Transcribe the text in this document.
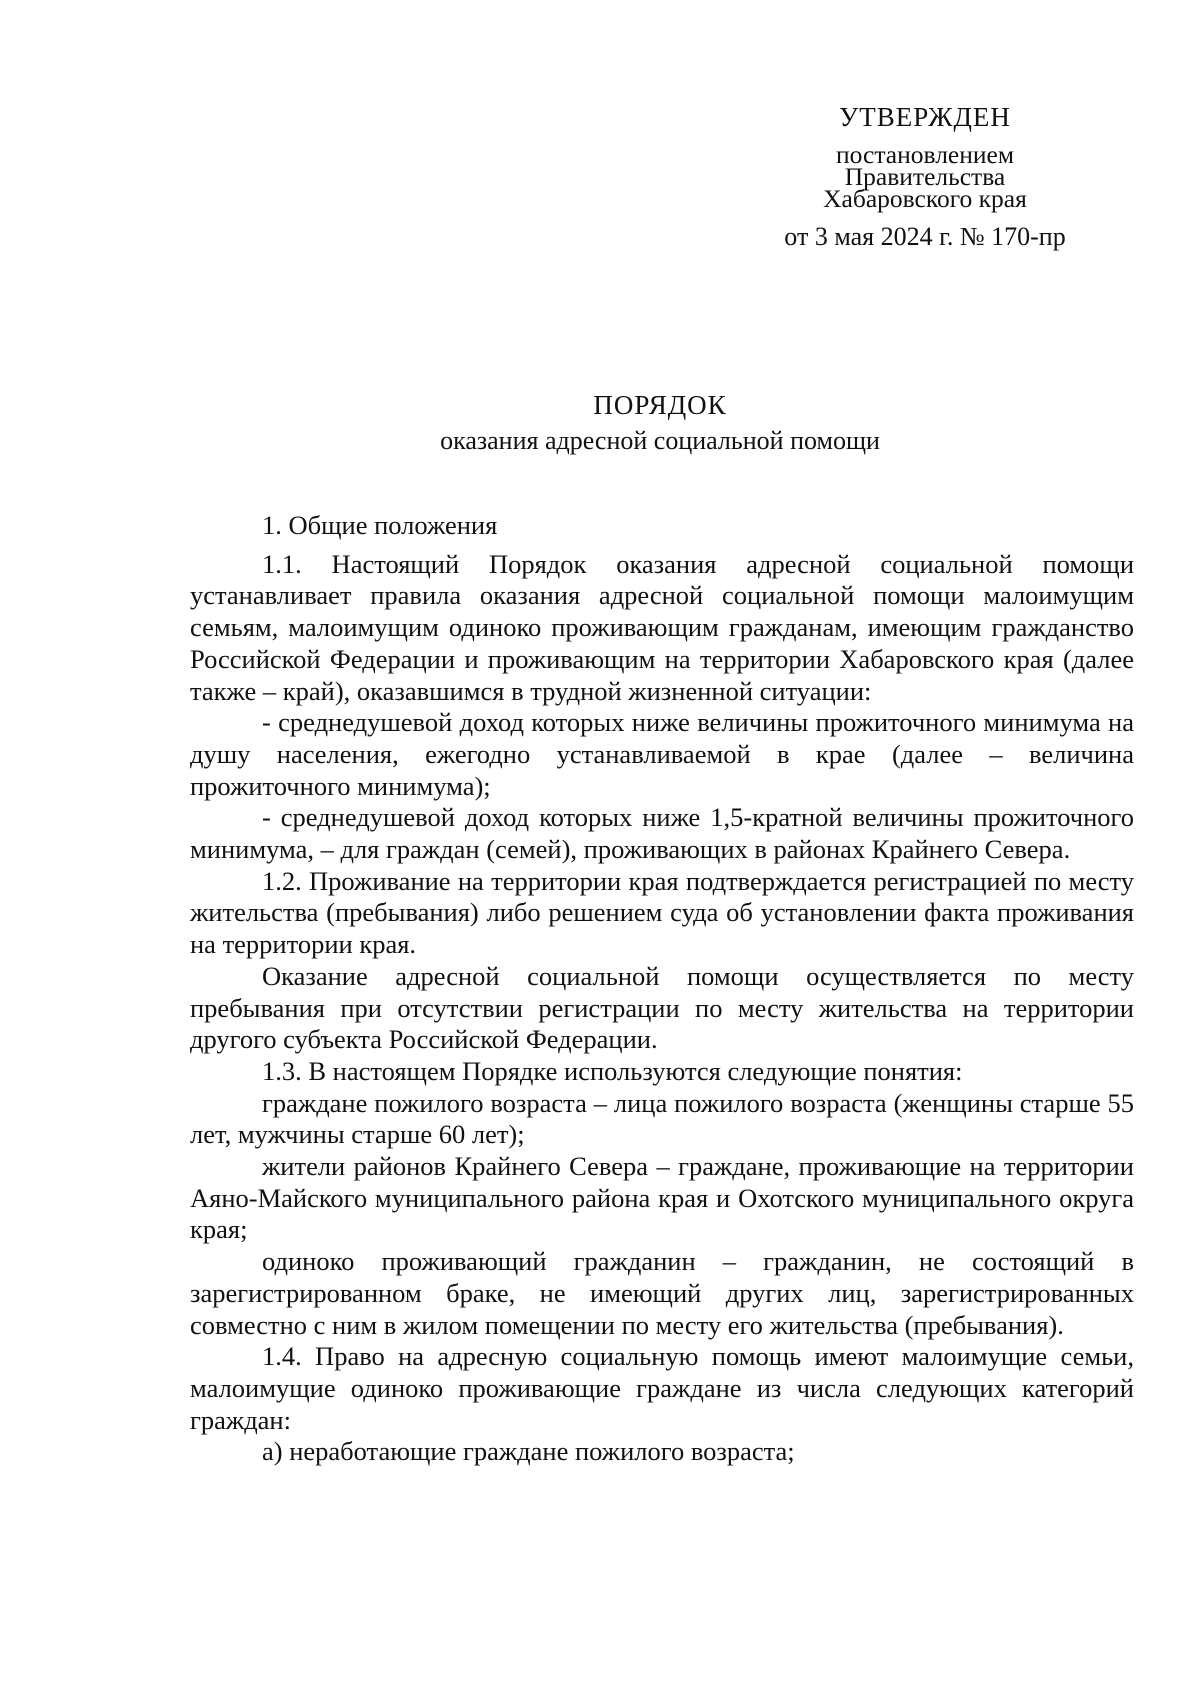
УТВЕРЖДЕН
постановлением
Правительства
Хабаровского края
от 3 мая 2024 г. № 170-пр
ПОРЯДОК
оказания адресной социальной помощи

1. Общие положения

1.1. Настоящий Порядок оказания адресной социальной помощи устанавливает правила оказания адресной социальной помощи малоимущим семьям, малоимущим одиноко проживающим гражданам, имеющим гражданство Российской Федерации и проживающим на территории Хабаровского края (далее также – край), оказавшимся в трудной жизненной ситуации:

- среднедушевой доход которых ниже величины прожиточного минимума на душу населения, ежегодно устанавливаемой в крае (далее – величина прожиточного минимума);

- среднедушевой доход которых ниже 1,5-кратной величины прожиточного минимума, – для граждан (семей), проживающих в районах Крайнего Севера.

1.2. Проживание на территории края подтверждается регистрацией по месту жительства (пребывания) либо решением суда об установлении факта проживания на территории края.

Оказание адресной социальной помощи осуществляется по месту пребывания при отсутствии регистрации по месту жительства на территории другого субъекта Российской Федерации.

1.3. В настоящем Порядке используются следующие понятия:

граждане пожилого возраста – лица пожилого возраста (женщины старше 55 лет, мужчины старше 60 лет);

жители районов Крайнего Севера – граждане, проживающие на территории Аяно-Майского муниципального района края и Охотского муниципального округа края;

одиноко проживающий гражданин – гражданин, не состоящий в зарегистрированном браке, не имеющий других лиц, зарегистрированных совместно с ним в жилом помещении по месту его жительства (пребывания).

1.4. Право на адресную социальную помощь имеют малоимущие семьи, малоимущие одиноко проживающие граждане из числа следующих категорий граждан:

а) неработающие граждане пожилого возраста;
